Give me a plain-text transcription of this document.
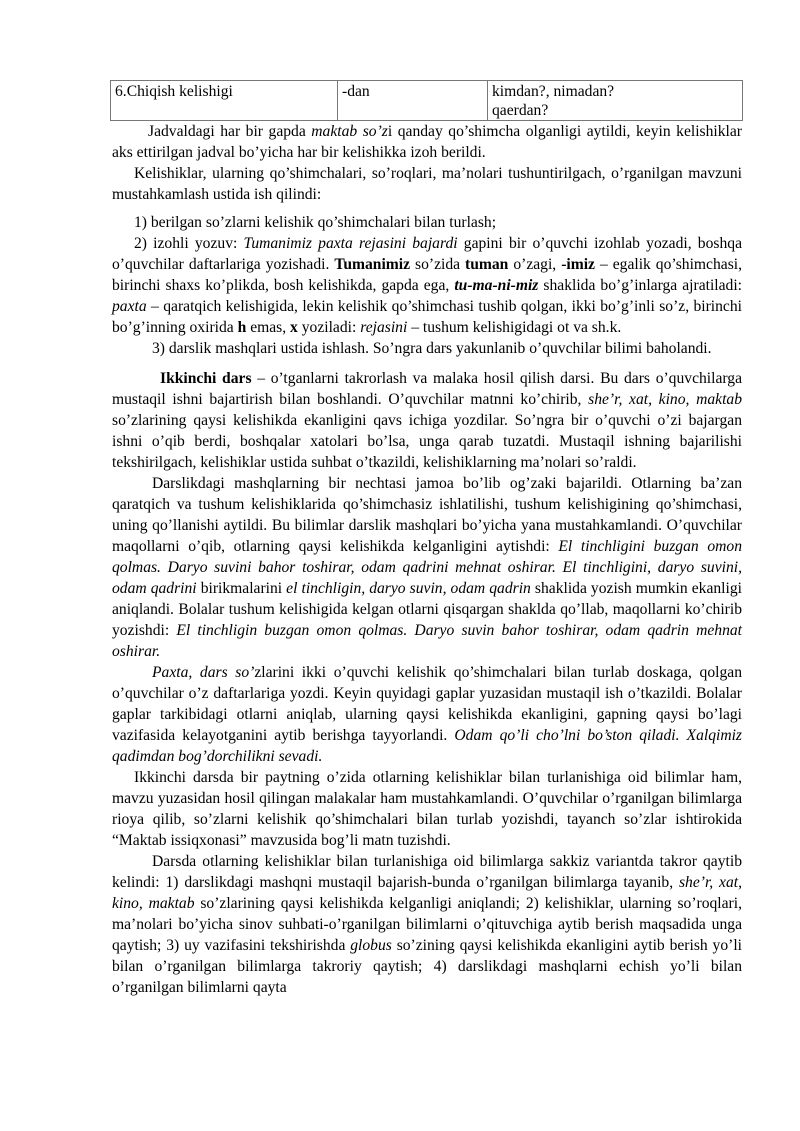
6.Chiqish kelishigi	-dan	kimdan?, nimadan?
qaerdan?

Jadvaldagi har bir gapda maktab so’zi qanday qo’shimcha olganligi aytildi, keyin kelishiklar aks ettirilgan jadval bo’yicha har bir kelishikka izoh berildi.

Kelishiklar, ularning qo’shimchalari, so’roqlari, ma’nolari tushuntirilgach, o’rganilgan mavzuni mustahkamlash ustida ish qilindi:

1) berilgan so’zlarni kelishik qo’shimchalari bilan turlash;

2) izohli yozuv: Tumanimiz paxta rejasini bajardi gapini bir o’quvchi izohlab yozadi, boshqa o’quvchilar daftarlariga yozishadi. Tumanimiz so’zida tuman o’zagi, -imiz – egalik qo’shimchasi, birinchi shaxs ko’plikda, bosh kelishikda, gapda ega, tu-ma-ni-miz shaklida bo’g’inlarga ajratiladi: paxta – qaratqich kelishigida, lekin kelishik qo’shimchasi tushib qolgan, ikki bo’g’inli so’z, birinchi bo’g’inning oxirida h emas, x yoziladi: rejasini – tushum kelishigidagi ot va sh.k.

3) darslik mashqlari ustida ishlash. So’ngra dars yakunlanib o’quvchilar bilimi baholandi.

Ikkinchi dars – o’tganlarni takrorlash va malaka hosil qilish darsi. Bu dars o’quvchilarga mustaqil ishni bajartirish bilan boshlandi. O’quvchilar matnni ko’chirib, she’r, xat, kino, maktab so’zlarining qaysi kelishikda ekanligini qavs ichiga yozdilar. So’ngra bir o’quvchi o’zi bajargan ishni o’qib berdi, boshqalar xatolari bo’lsa, unga qarab tuzatdi. Mustaqil ishning bajarilishi tekshirilgach, kelishiklar ustida suhbat o’tkazildi, kelishiklarning ma’nolari so’raldi.

Darslikdagi mashqlarning bir nechtasi jamoa bo’lib og’zaki bajarildi. Otlarning ba’zan qaratqich va tushum kelishiklarida qo’shimchasiz ishlatilishi, tushum kelishigining qo’shimchasi, uning qo’llanishi aytildi. Bu bilimlar darslik mashqlari bo’yicha yana mustahkamlandi. O’quvchilar maqollarni o’qib, otlarning qaysi kelishikda kelganligini aytishdi: El tinchligini buzgan omon qolmas. Daryo suvini bahor toshirar, odam qadrini mehnat oshirar. El tinchligini, daryo suvini, odam qadrini birikmalarini el tinchligin, daryo suvin, odam qadrin shaklida yozish mumkin ekanligi aniqlandi. Bolalar tushum kelishigida kelgan otlarni qisqargan shaklda qo’llab, maqollarni ko’chirib yozishdi: El tinchligin buzgan omon qolmas. Daryo suvin bahor toshirar, odam qadrin mehnat oshirar.

Paxta, dars so’zlarini ikki o’quvchi kelishik qo’shimchalari bilan turlab doskaga, qolgan o’quvchilar o’z daftarlariga yozdi. Keyin quyidagi gaplar yuzasidan mustaqil ish o’tkazildi. Bolalar gaplar tarkibidagi otlarni aniqlab, ularning qaysi kelishikda ekanligini, gapning qaysi bo’lagi vazifasida kelayotganini aytib berishga tayyorlandi. Odam qo’li cho’lni bo’ston qiladi. Xalqimiz qadimdan bog’dorchilikni sevadi.

Ikkinchi darsda bir paytning o’zida otlarning kelishiklar bilan turlanishiga oid bilimlar ham, mavzu yuzasidan hosil qilingan malakalar ham mustahkamlandi. O’quvchilar o’rganilgan bilimlarga rioya qilib, so’zlarni kelishik qo’shimchalari bilan turlab yozishdi, tayanch so’zlar ishtirokida “Maktab issiqxonasi” mavzusida bog’li matn tuzishdi.

Darsda otlarning kelishiklar bilan turlanishiga oid bilimlarga sakkiz variantda takror qaytib kelindi: 1) darslikdagi mashqni mustaqil bajarish-bunda o’rganilgan bilimlarga tayanib, she’r, xat, kino, maktab so’zlarining qaysi kelishikda kelganligi aniqlandi; 2) kelishiklar, ularning so’roqlari, ma’nolari bo’yicha sinov suhbati-o’rganilgan bilimlarni o’qituvchiga aytib berish maqsadida unga qaytish; 3) uy vazifasini tekshirishda globus so’zining qaysi kelishikda ekanligini aytib berish yo’li bilan o’rganilgan bilimlarga takroriy qaytish; 4) darslikdagi mashqlarni echish yo’li bilan o’rganilgan bilimlarni qayta
